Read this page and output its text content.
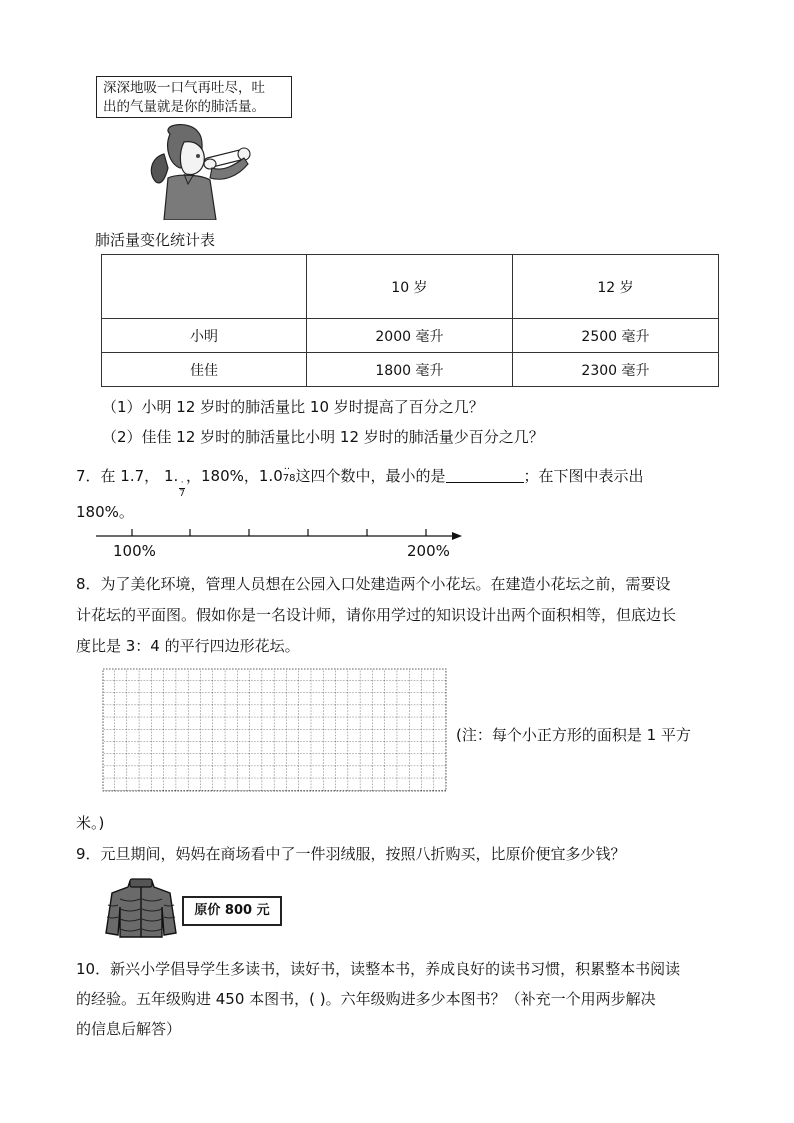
深深地吸一口气再吐尽，吐
出的气量就是你的肺活量。
肺活量变化统计表
	10 岁	12 岁
小明	2000 毫升	2500 毫升
佳佳	1800 毫升	2300 毫升
（1）小明 12 岁时的肺活量比 10 岁时提高了百分之几？
（2）佳佳 12 岁时的肺活量比小明 12 岁时的肺活量少百分之几？
7．在 1.7， 1.
$\frac{\cdot}{7}$
，180%，1.0·· 78这四个数中，最小的是	；在下图中表示出
180%。
100%	200%
8．为了美化环境，管理人员想在公园入口处建造两个小花坛。在建造小花坛之前，需要设
计花坛的平面图。假如你是一名设计师，请你用学过的知识设计出两个面积相等，但底边长
度比是 3：4 的平行四边形花坛。
(注：每个小正方形的面积是 1 平方
米。)
9．元旦期间，妈妈在商场看中了一件羽绒服，按照八折购买，比原价便宜多少钱？
原价 800 元
10．新兴小学倡导学生多读书，读好书，读整本书，养成良好的读书习惯，积累整本书阅读
的经验。五年级购进 450 本图书，( )。六年级购进多少本图书？（补充一个用两步解决
的信息后解答）
